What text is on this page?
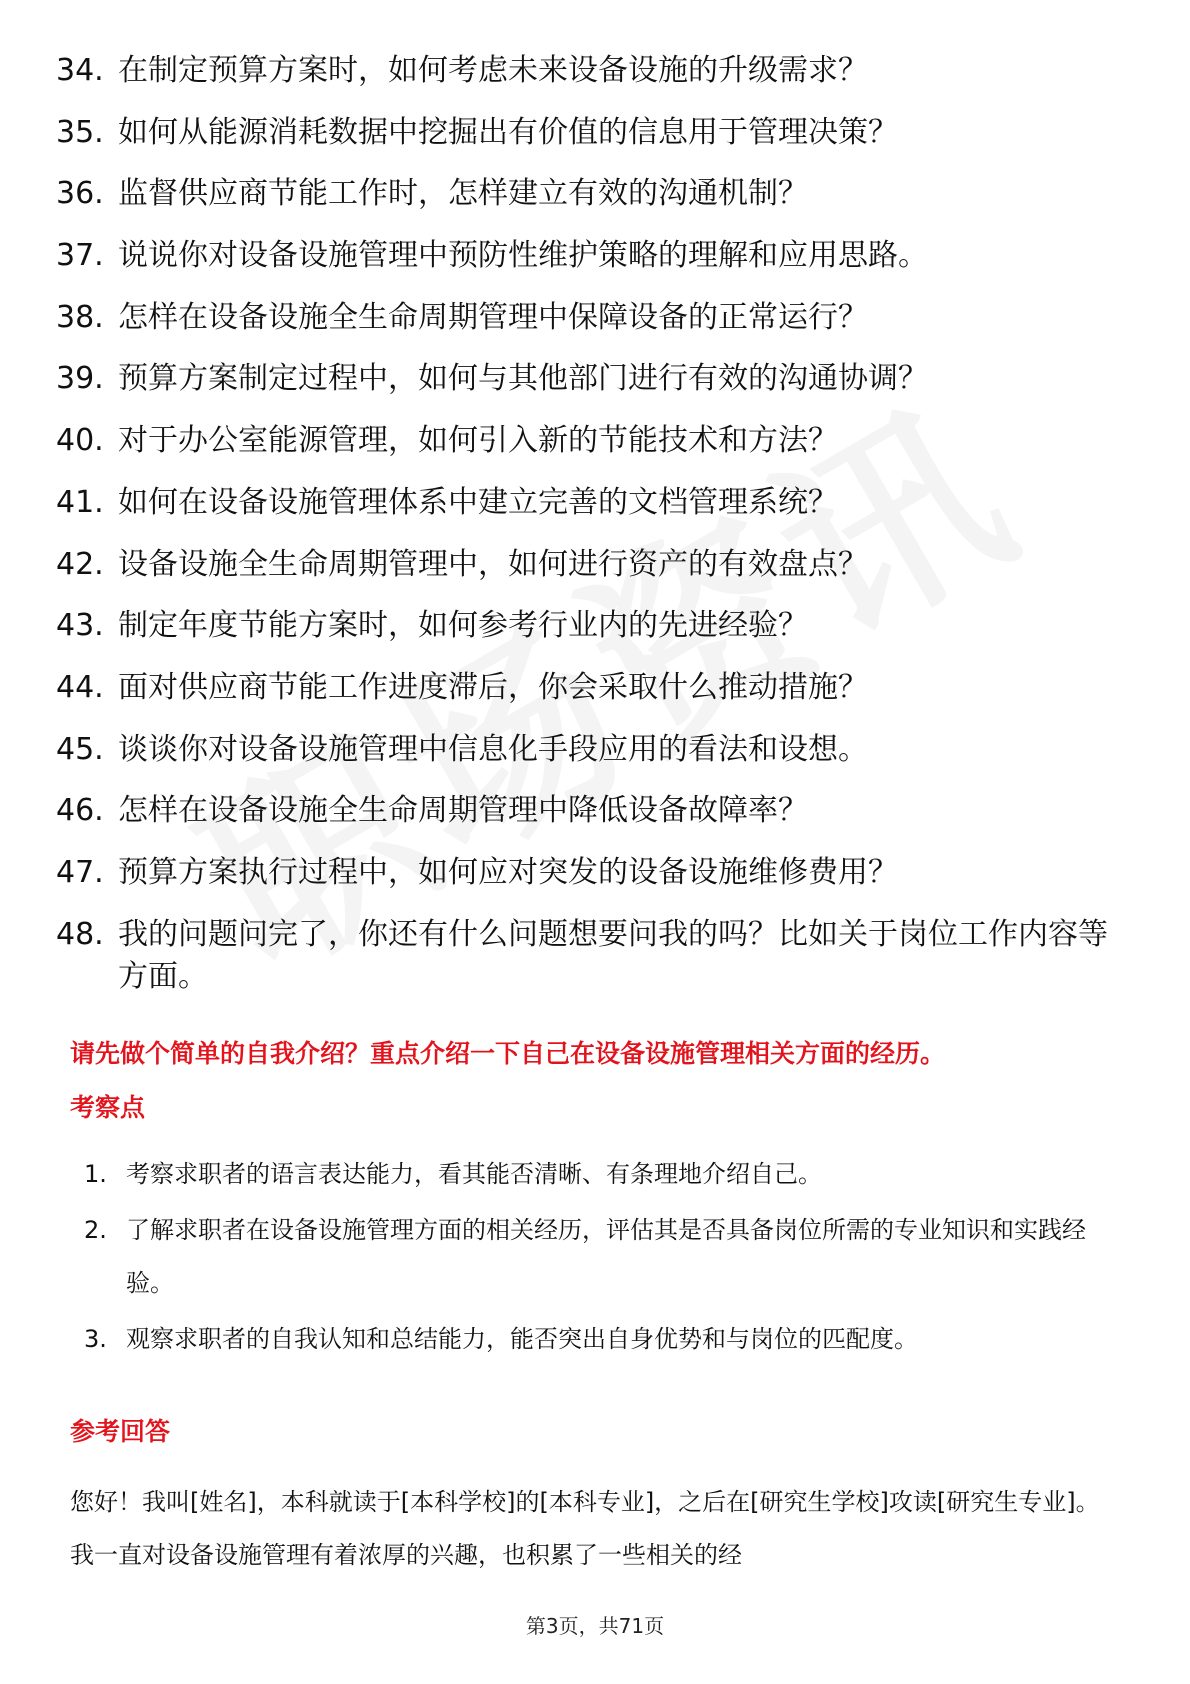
34. 在制定预算方案时，如何考虑未来设备设施的升级需求？
35. 如何从能源消耗数据中挖掘出有价值的信息用于管理决策？
36. 监督供应商节能工作时，怎样建立有效的沟通机制？
37. 说说你对设备设施管理中预防性维护策略的理解和应用思路。
38. 怎样在设备设施全生命周期管理中保障设备的正常运行？
39. 预算方案制定过程中，如何与其他部门进行有效的沟通协调？
40. 对于办公室能源管理，如何引入新的节能技术和方法？
41. 如何在设备设施管理体系中建立完善的文档管理系统？
42. 设备设施全生命周期管理中，如何进行资产的有效盘点？
43. 制定年度节能方案时，如何参考行业内的先进经验？
44. 面对供应商节能工作进度滞后，你会采取什么推动措施？
45. 谈谈你对设备设施管理中信息化手段应用的看法和设想。
46. 怎样在设备设施全生命周期管理中降低设备故障率？
47. 预算方案执行过程中，如何应对突发的设备设施维修费用？
48. 我的问题问完了，你还有什么问题想要问我的吗？比如关于岗位工作内容等方面。
请先做个简单的自我介绍？重点介绍一下自己在设备设施管理相关方面的经历。
考察点
1. 考察求职者的语言表达能力，看其能否清晰、有条理地介绍自己。
2. 了解求职者在设备设施管理方面的相关经历，评估其是否具备岗位所需的专业知识和实践经验。
3. 观察求职者的自我认知和总结能力，能否突出自身优势和与岗位的匹配度。
参考回答
您好！我叫[姓名]，本科就读于[本科学校]的[本科专业]，之后在[研究生学校]攻读[研究生专业]。我一直对设备设施管理有着浓厚的兴趣，也积累了一些相关的经
第3页，共71页
